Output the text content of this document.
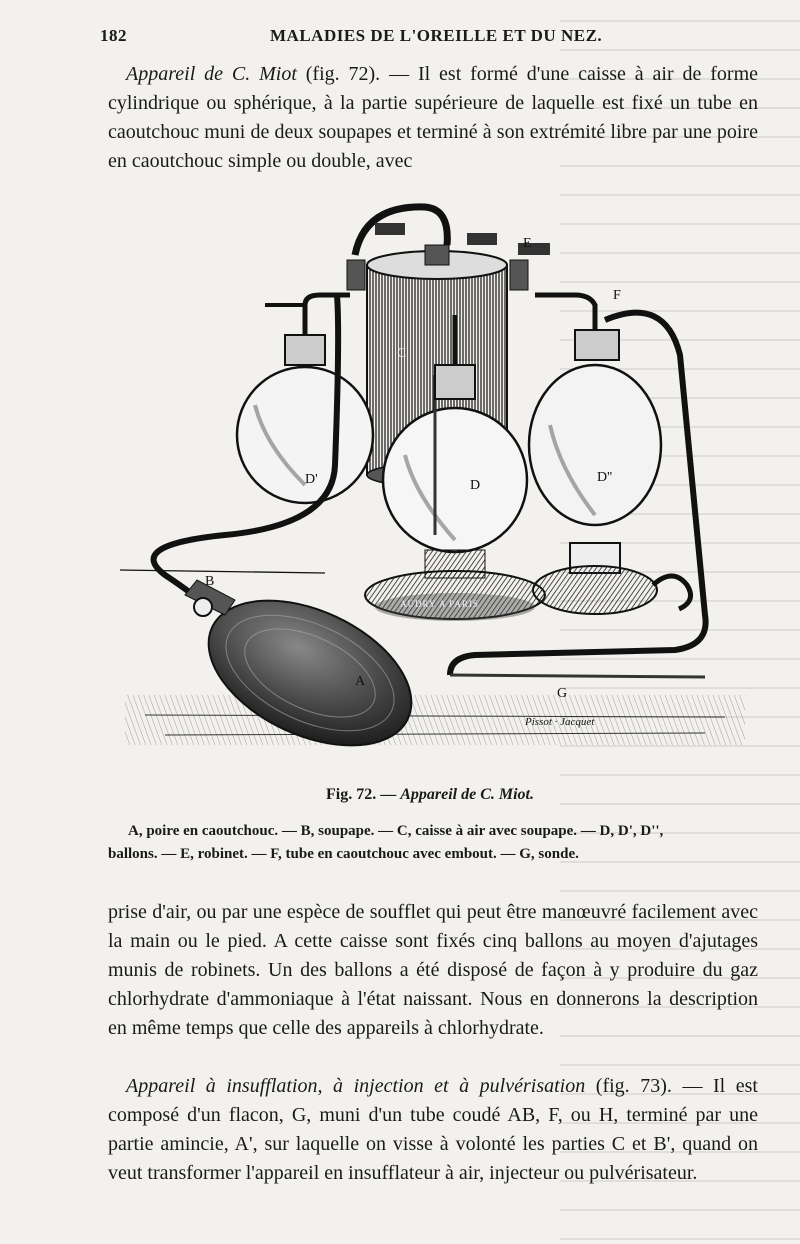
182	MALADIES DE L'OREILLE ET DU NEZ.

Appareil de C. Miot (fig. 72). — Il est formé d'une caisse à air de forme cylindrique ou sphérique, à la partie supérieure de laquelle est fixé un tube en caoutchouc muni de deux soupapes et terminé à son extrémité libre par une poire en caoutchouc simple ou double, avec

A
B
C
D
D'	D''
E
F
G
AUDRY A PARIS
Pissot · Jacquet
Fig. 72. — Appareil de C. Miot.

A, poire en caoutchouc. — B, soupape. — C, caisse à air avec soupape. — D, D', D'',
ballons. — E, robinet. — F, tube en caoutchouc avec embout. — G, sonde.

prise d'air, ou par une espèce de soufflet qui peut être manœuvré facilement avec la main ou le pied. A cette caisse sont fixés cinq ballons au moyen d'ajutages munis de robinets. Un des ballons a été disposé de façon à y produire du gaz chlorhydrate d'ammoniaque à l'état naissant. Nous en donnerons la description en même temps que celle des appareils à chlorhydrate.

Appareil à insufflation, à injection et à pulvérisation (fig. 73). — Il est composé d'un flacon, G, muni d'un tube coudé AB, F, ou H, terminé par une partie amincie, A', sur laquelle on visse à volonté les parties C et B', quand on veut transformer l'appareil en insufflateur à air, injecteur ou pulvérisateur.
